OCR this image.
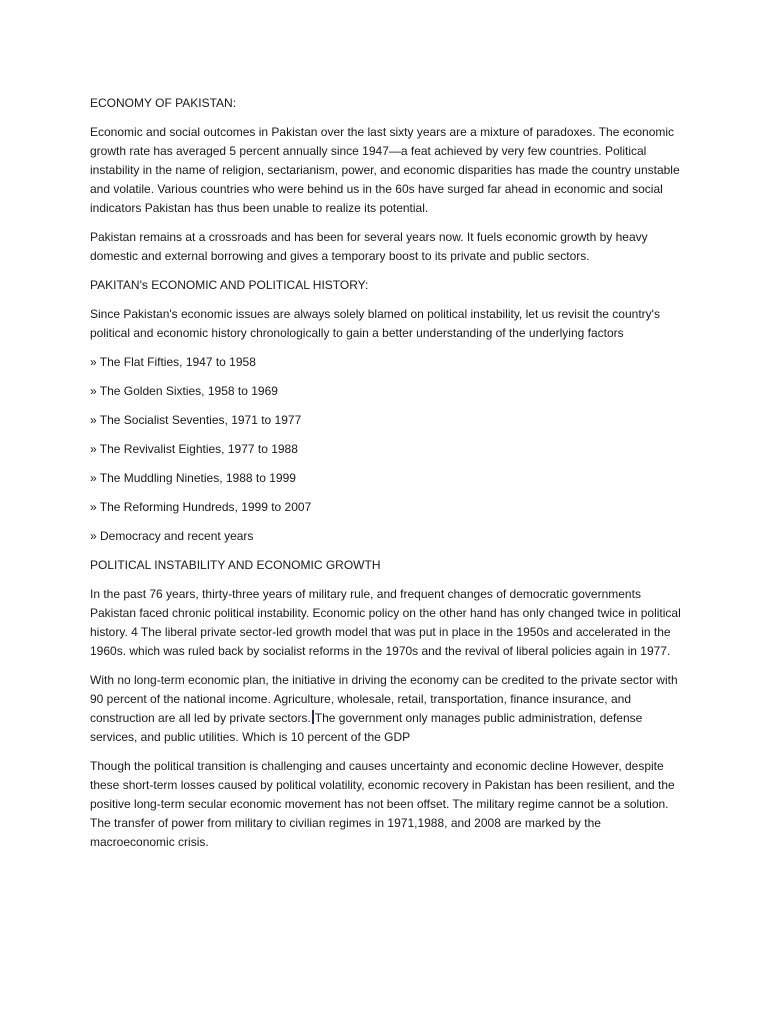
ECONOMY OF PAKISTAN:

Economic and social outcomes in Pakistan over the last sixty years are a mixture of paradoxes. The economic growth rate has averaged 5 percent annually since 1947—a feat achieved by very few countries. Political instability in the name of religion, sectarianism, power, and economic disparities has made the country unstable and volatile. Various countries who were behind us in the 60s have surged far ahead in economic and social indicators Pakistan has thus been unable to realize its potential.

Pakistan remains at a crossroads and has been for several years now. It fuels economic growth by heavy domestic and external borrowing and gives a temporary boost to its private and public sectors.

PAKITAN's ECONOMIC AND POLITICAL HISTORY:

Since Pakistan's economic issues are always solely blamed on political instability, let us revisit the country's political and economic history chronologically to gain a better understanding of the underlying factors

» The Flat Fifties, 1947 to 1958

» The Golden Sixties, 1958 to 1969

» The Socialist Seventies, 1971 to 1977

» The Revivalist Eighties, 1977 to 1988

» The Muddling Nineties, 1988 to 1999

» The Reforming Hundreds, 1999 to 2007

» Democracy and recent years

POLITICAL INSTABILITY AND ECONOMIC GROWTH

In the past 76 years, thirty-three years of military rule, and frequent changes of democratic governments Pakistan faced chronic political instability. Economic policy on the other hand has only changed twice in political history. 4 The liberal private sector-led growth model that was put in place in the 1950s and accelerated in the 1960s. which was ruled back by socialist reforms in the 1970s and the revival of liberal policies again in 1977.

With no long-term economic plan, the initiative in driving the economy can be credited to the private sector with 90 percent of the national income. Agriculture, wholesale, retail, transportation, finance insurance, and construction are all led by private sectors. The government only manages public administration, defense services, and public utilities. Which is 10 percent of the GDP

Though the political transition is challenging and causes uncertainty and economic decline However, despite these short-term losses caused by political volatility, economic recovery in Pakistan has been resilient, and the positive long-term secular economic movement has not been offset. The military regime cannot be a solution. The transfer of power from military to civilian regimes in 1971,1988, and 2008 are marked by the macroeconomic crisis.
